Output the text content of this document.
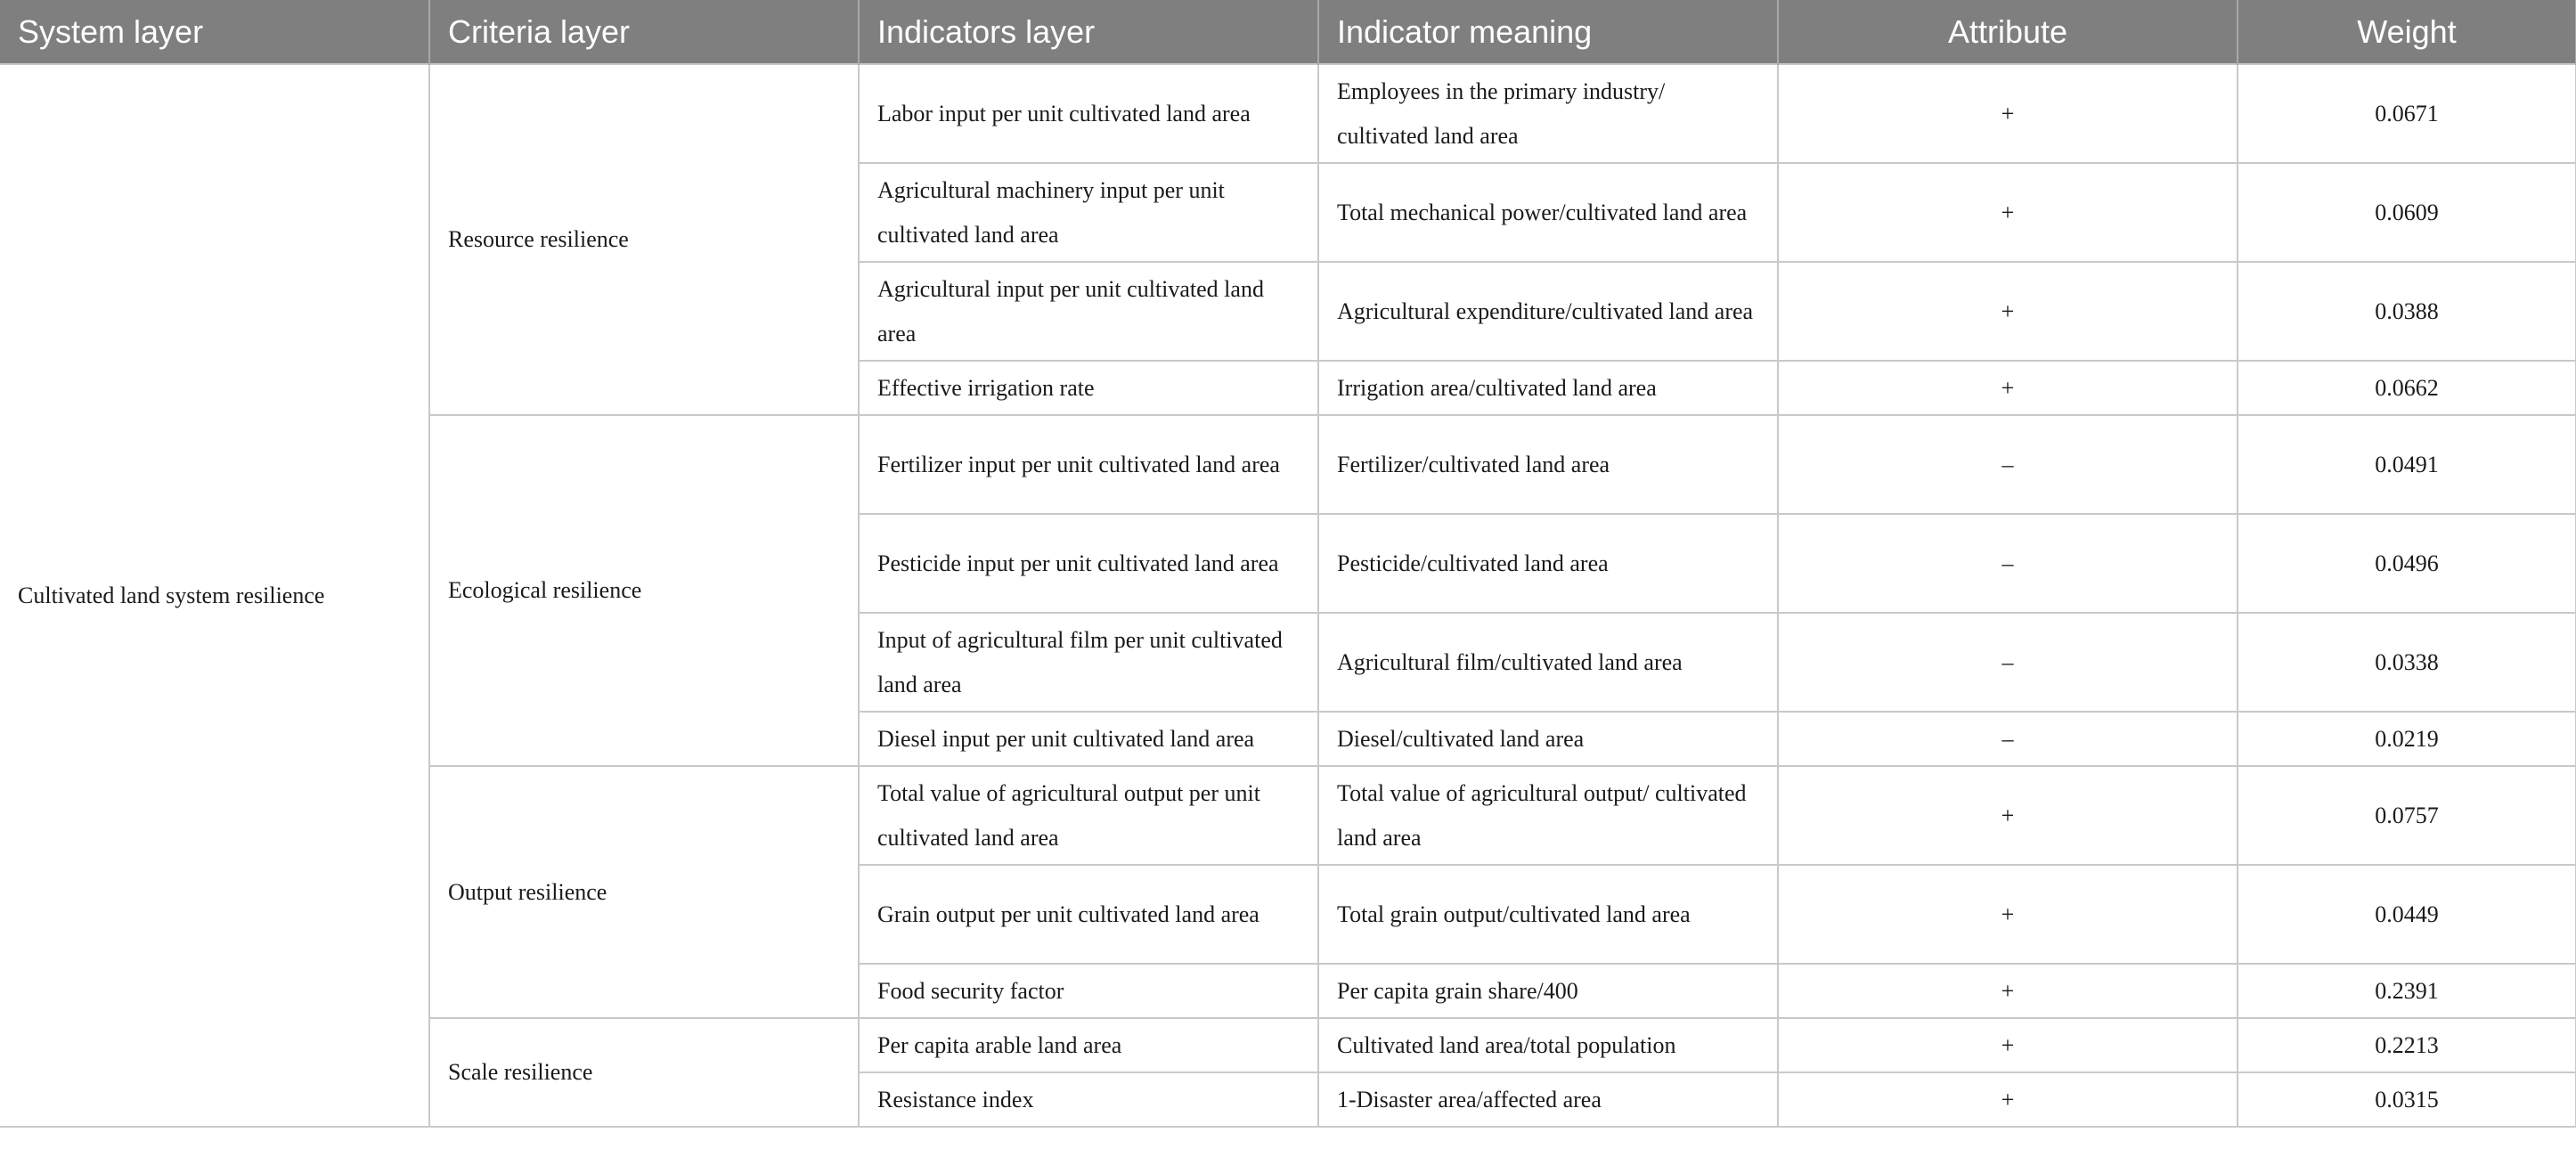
System layer	Criteria layer	Indicators layer	Indicator meaning	Attribute	Weight
Cultivated land system resilience	Resource resilience	Labor input per unit cultivated land area	Employees in the primary industry/ cultivated land area	+	0.0671
		Agricultural machinery input per unit cultivated land area	Total mechanical power/cultivated land area	+	0.0609
		Agricultural input per unit cultivated land area	Agricultural expenditure/cultivated land area	+	0.0388
		Effective irrigation rate	Irrigation area/cultivated land area	+	0.0662
	Ecological resilience	Fertilizer input per unit cultivated land area	Fertilizer/cultivated land area	–	0.0491
		Pesticide input per unit cultivated land area	Pesticide/cultivated land area	–	0.0496
		Input of agricultural film per unit cultivated land area	Agricultural film/cultivated land area	–	0.0338
		Diesel input per unit cultivated land area	Diesel/cultivated land area	–	0.0219
	Output resilience	Total value of agricultural output per unit cultivated land area	Total value of agricultural output/ cultivated land area	+	0.0757
		Grain output per unit cultivated land area	Total grain output/cultivated land area	+	0.0449
		Food security factor	Per capita grain share/400	+	0.2391
	Scale resilience	Per capita arable land area	Cultivated land area/total population	+	0.2213
		Resistance index	1-Disaster area/affected area	+	0.0315
